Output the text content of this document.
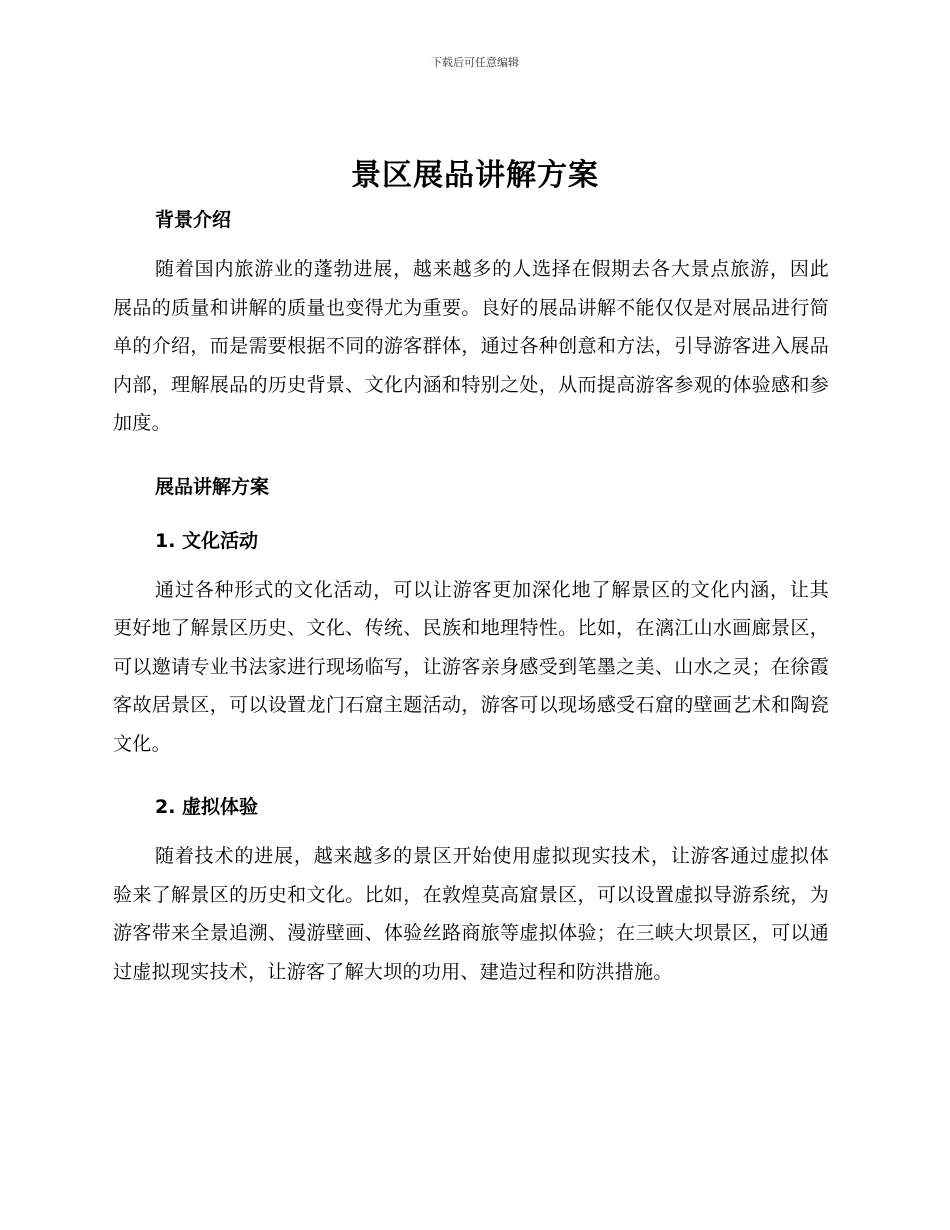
下载后可任意编辑
景区展品讲解方案
背景介绍

随着国内旅游业的蓬勃进展，越来越多的人选择在假期去各大景点旅游，因此展品的质量和讲解的质量也变得尤为重要。良好的展品讲解不能仅仅是对展品进行简单的介绍，而是需要根据不同的游客群体，通过各种创意和方法，引导游客进入展品内部，理解展品的历史背景、文化内涵和特别之处，从而提高游客参观的体验感和参加度。

展品讲解方案
1. 文化活动

通过各种形式的文化活动，可以让游客更加深化地了解景区的文化内涵，让其更好地了解景区历史、文化、传统、民族和地理特性。比如，在漓江山水画廊景区，可以邀请专业书法家进行现场临写，让游客亲身感受到笔墨之美、山水之灵；在徐霞客故居景区，可以设置龙门石窟主题活动，游客可以现场感受石窟的壁画艺术和陶瓷文化。

2. 虚拟体验

随着技术的进展，越来越多的景区开始使用虚拟现实技术，让游客通过虚拟体验来了解景区的历史和文化。比如，在敦煌莫高窟景区，可以设置虚拟导游系统，为游客带来全景追溯、漫游壁画、体验丝路商旅等虚拟体验；在三峡大坝景区，可以通过虚拟现实技术，让游客了解大坝的功用、建造过程和防洪措施。
